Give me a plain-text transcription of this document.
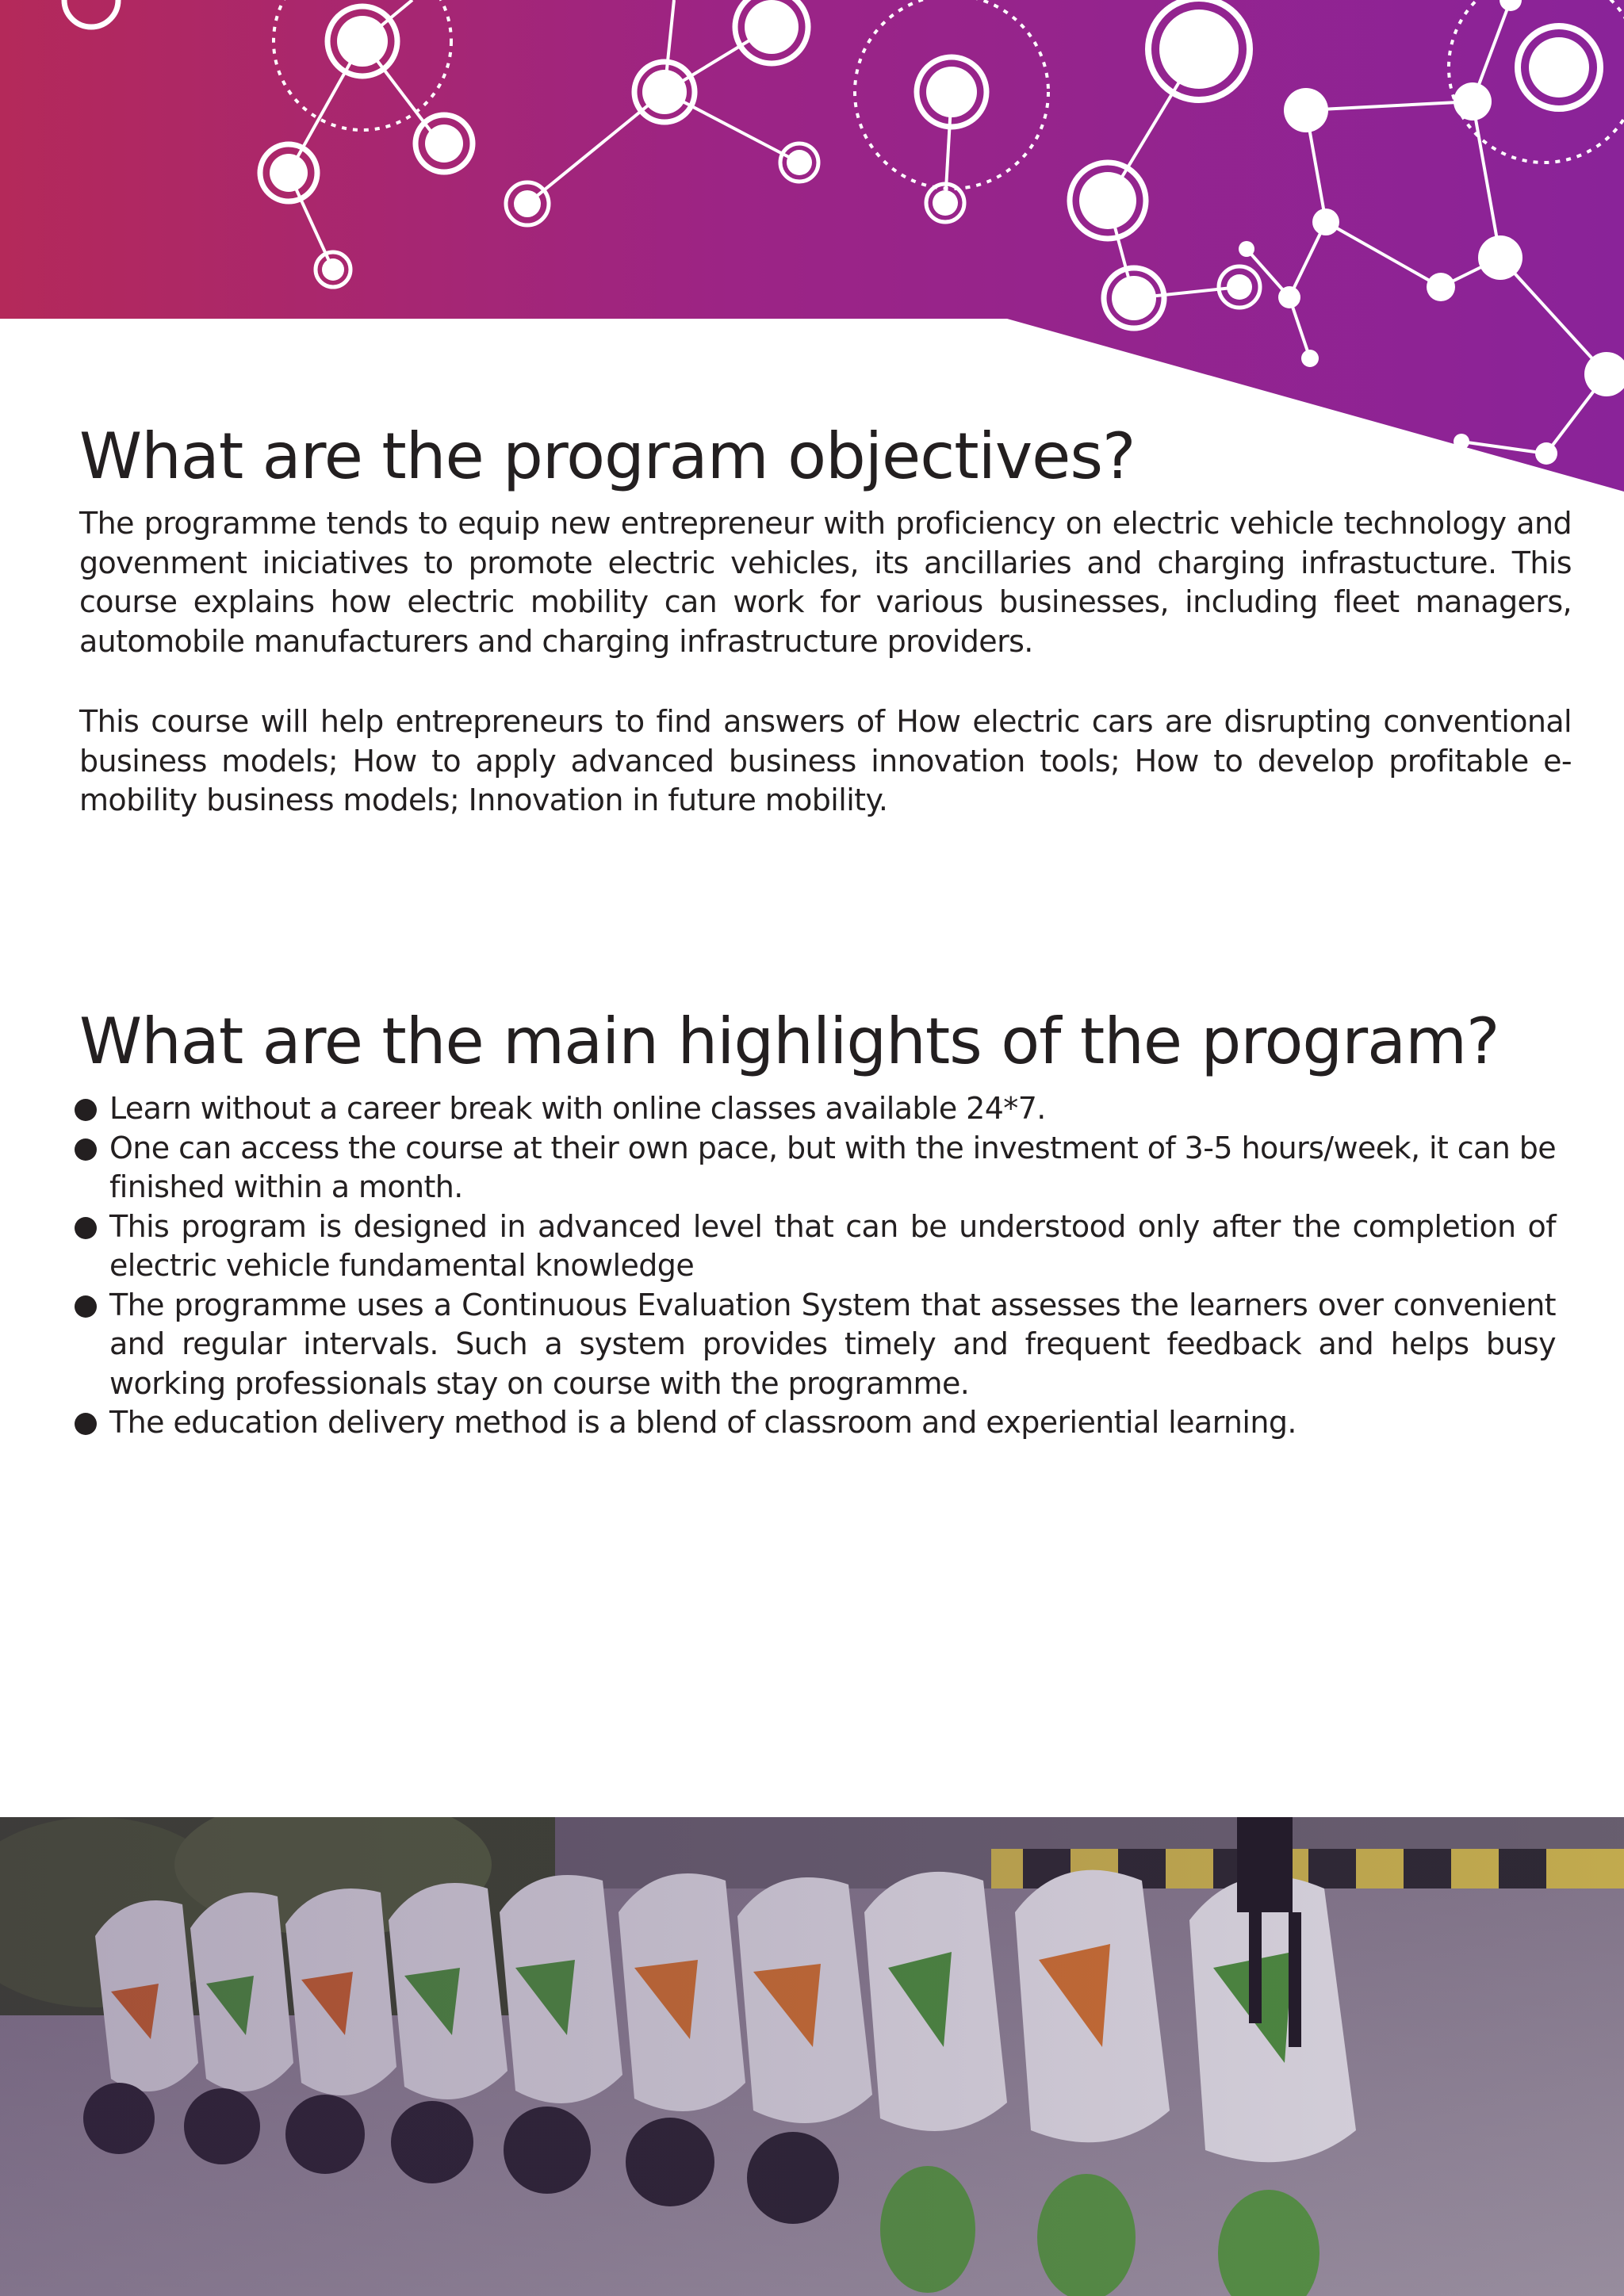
What are the program objectives?

The programme tends to equip new entrepreneur with proficiency on electric vehicle technology and govenment iniciatives to promote electric vehicles, its ancillaries and charging infrastucture. This course explains how electric mobility can work for various businesses, including fleet managers, automobile manufacturers and charging infrastructure providers.

This course will help entrepreneurs to find answers of How electric cars are disrupting conventional business models; How to apply advanced business innovation tools; How to develop profitable e-mobility business models; Innovation in future mobility.

What are the main highlights of the program?
Learn without a career break with online classes available 24*7.
One can access the course at their own pace, but with the investment of 3-5 hours/week, it can be finished within a month.
This program is designed in advanced level that can be understood only after the completion of electric vehicle fundamental knowledge
The programme uses a Continuous Evaluation System that assesses the learners over convenient and regular intervals. Such a system provides timely and frequent feedback and helps busy working professionals stay on course with the programme.
The education delivery method is a blend of classroom and experiential learning.
